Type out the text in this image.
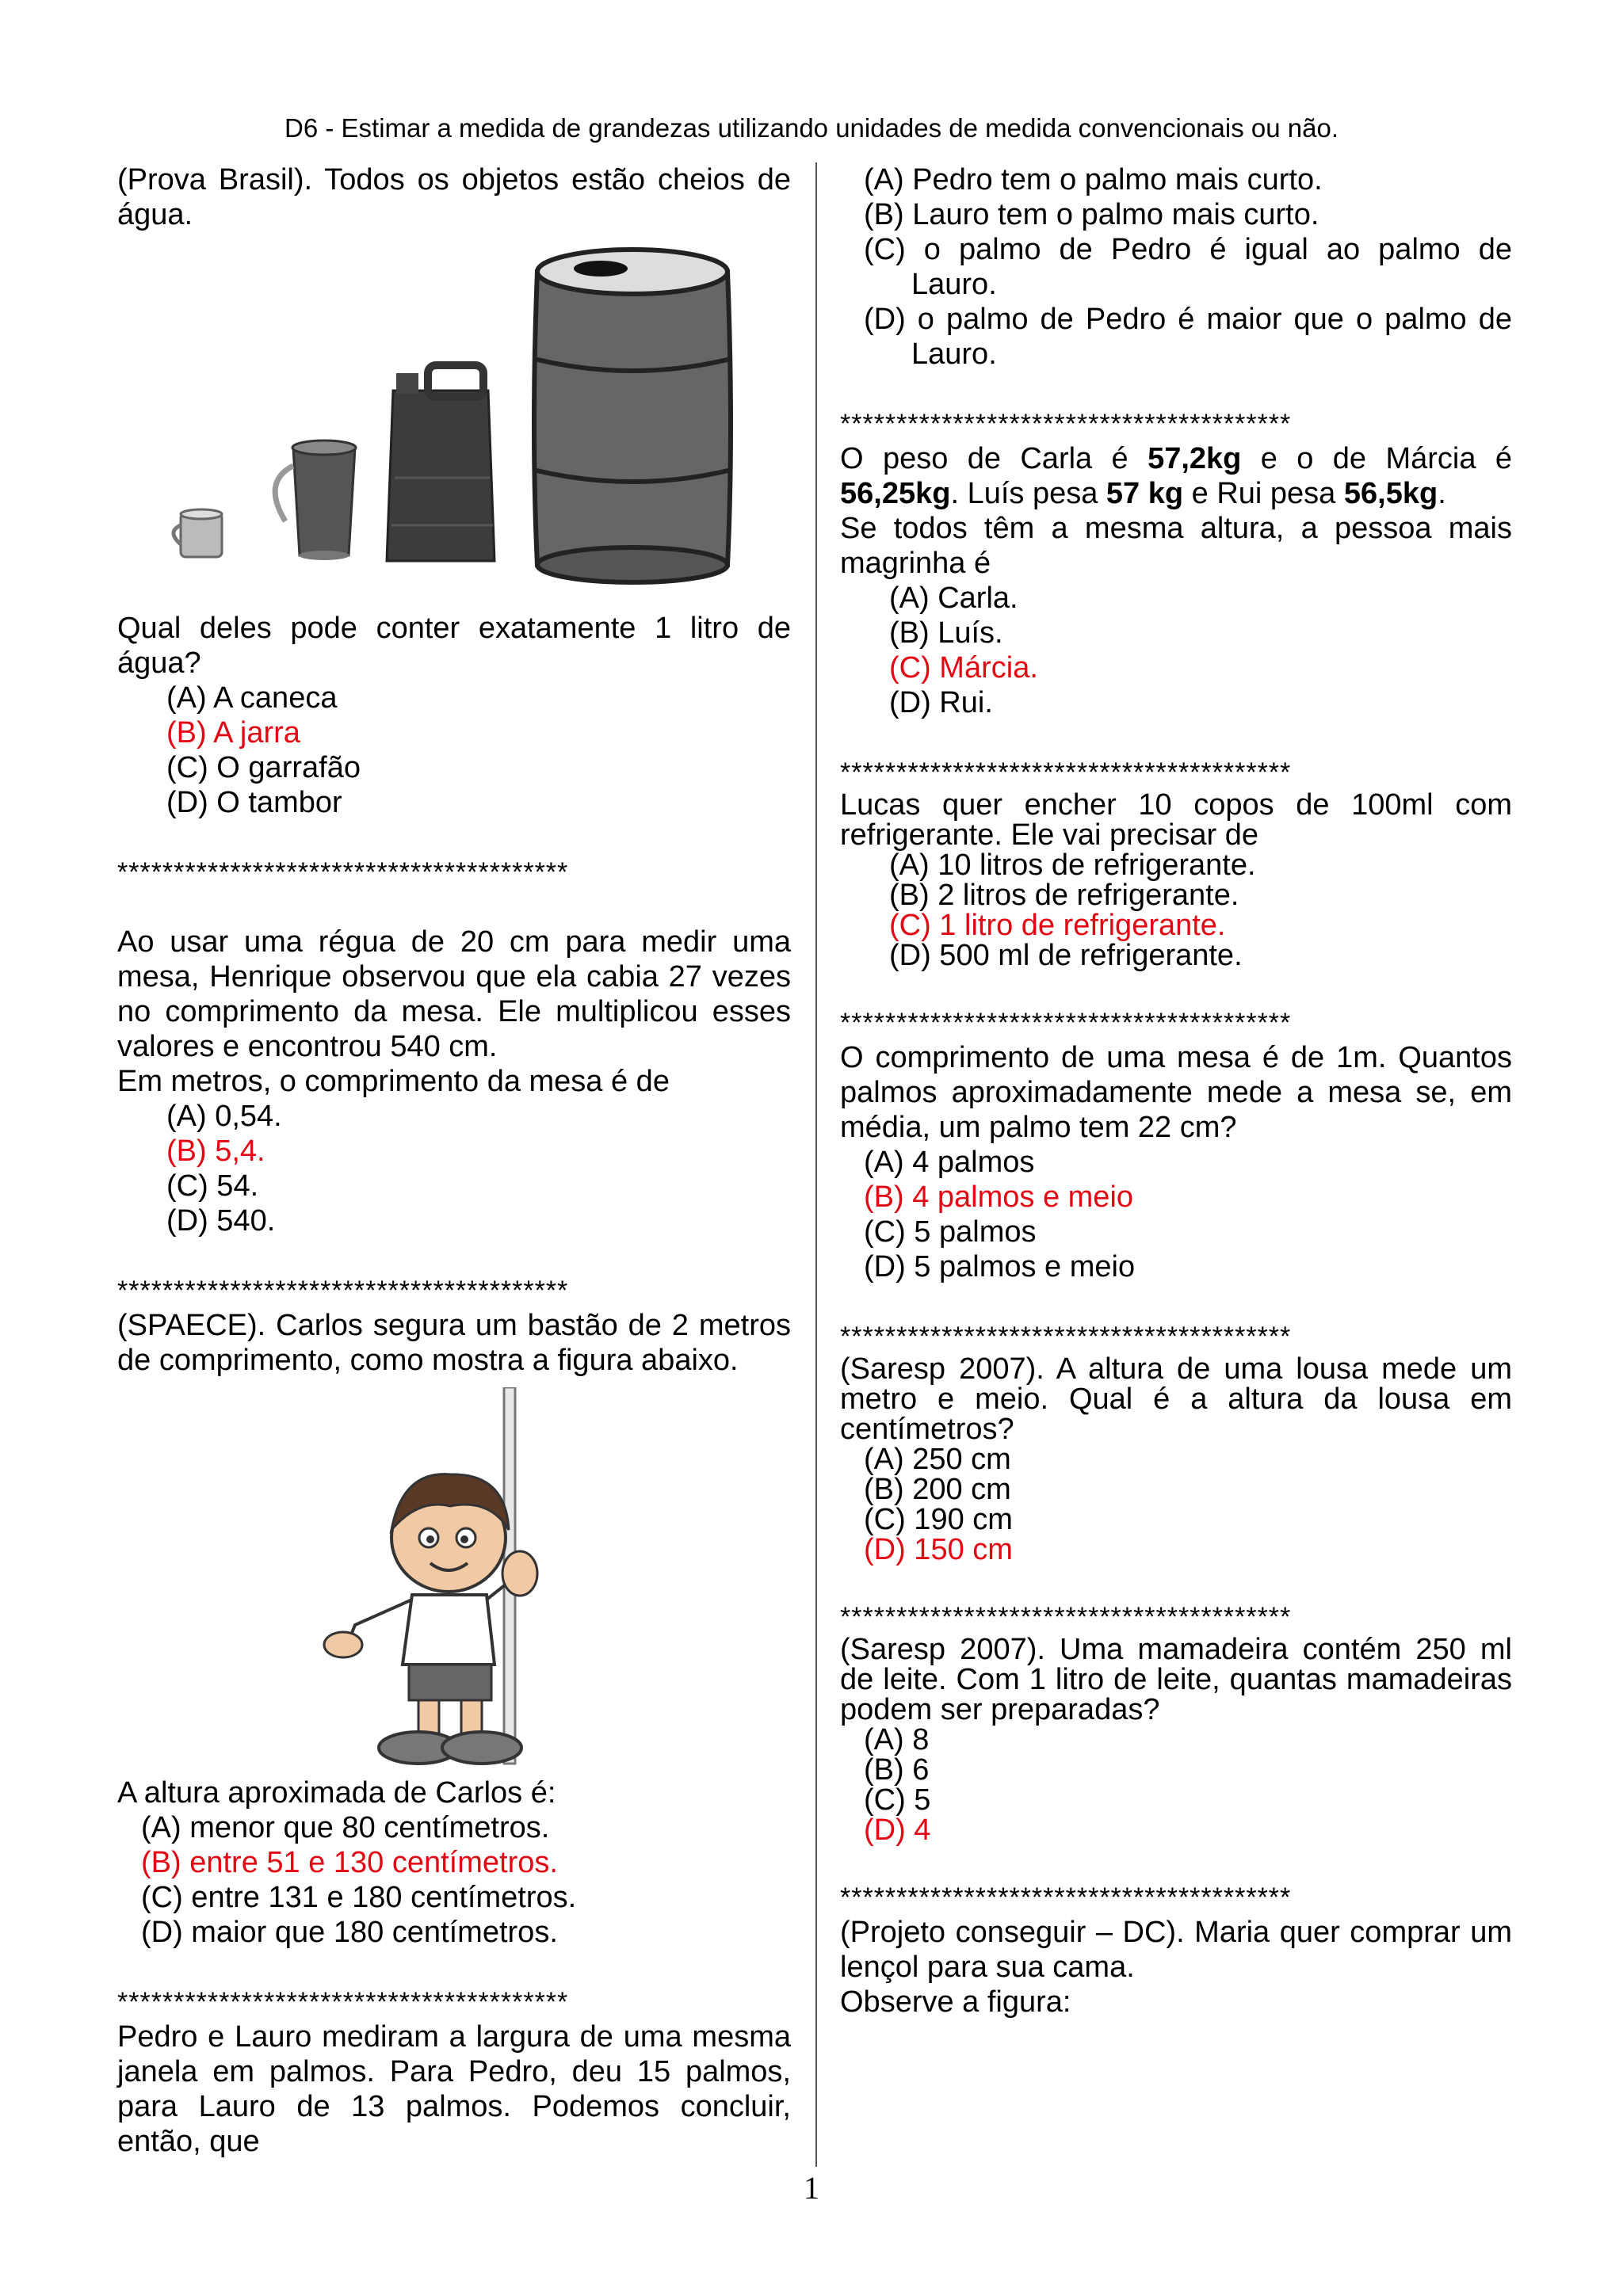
D6 - Estimar a medida de grandezas utilizando unidades de medida convencionais ou não.

(Prova Brasil). Todos os objetos estão cheios de água.

Qual deles pode conter exatamente 1 litro de água?

(A) A caneca

(B) A jarra

(C) O garrafão

(D) O tambor

****************************************

Ao usar uma régua de 20 cm para medir uma mesa, Henrique observou que ela cabia 27 vezes no comprimento da mesa. Ele multiplicou esses valores e encontrou 540 cm.

Em metros, o comprimento da mesa é de

(A) 0,54.

(B) 5,4.

(C) 54.

(D) 540.

****************************************

(SPAECE). Carlos segura um bastão de 2 metros de comprimento, como mostra a figura abaixo.

A altura aproximada de Carlos é:

(A) menor que 80 centímetros.

(B) entre 51 e 130 centímetros.

(C) entre 131 e 180 centímetros.

(D) maior que 180 centímetros.

****************************************

Pedro e Lauro mediram a largura de uma mesma janela em palmos. Para Pedro, deu 15 palmos, para Lauro de 13 palmos. Podemos concluir, então, que

(A) Pedro tem o palmo mais curto.

(B) Lauro tem o palmo mais curto.

(C) o palmo de Pedro é igual ao palmo de Lauro.

(D) o palmo de Pedro é maior que o palmo de Lauro.

****************************************

O peso de Carla é 57,2kg e o de Márcia é 56,25kg. Luís pesa 57 kg e Rui pesa 56,5kg.

Se todos têm a mesma altura, a pessoa mais magrinha é

(A) Carla.

(B) Luís.

(C) Márcia.

(D) Rui.

****************************************

Lucas quer encher 10 copos de 100ml com refrigerante. Ele vai precisar de

(A) 10 litros de refrigerante.

(B) 2 litros de refrigerante.

(C) 1 litro de refrigerante.

(D) 500 ml de refrigerante.

****************************************

O comprimento de uma mesa é de 1m. Quantos palmos aproximadamente mede a mesa se, em média, um palmo tem 22 cm?

(A) 4 palmos

(B) 4 palmos e meio

(C) 5 palmos

(D) 5 palmos e meio

****************************************

(Saresp 2007). A altura de uma lousa mede um metro e meio. Qual é a altura da lousa em centímetros?

(A) 250 cm

(B) 200 cm

(C) 190 cm

(D) 150 cm

****************************************

(Saresp 2007). Uma mamadeira contém 250 ml de leite. Com 1 litro de leite, quantas mamadeiras podem ser preparadas?

(A) 8

(B) 6

(C) 5

(D) 4

****************************************

(Projeto conseguir – DC). Maria quer comprar um lençol para sua cama.

Observe a figura:

1
